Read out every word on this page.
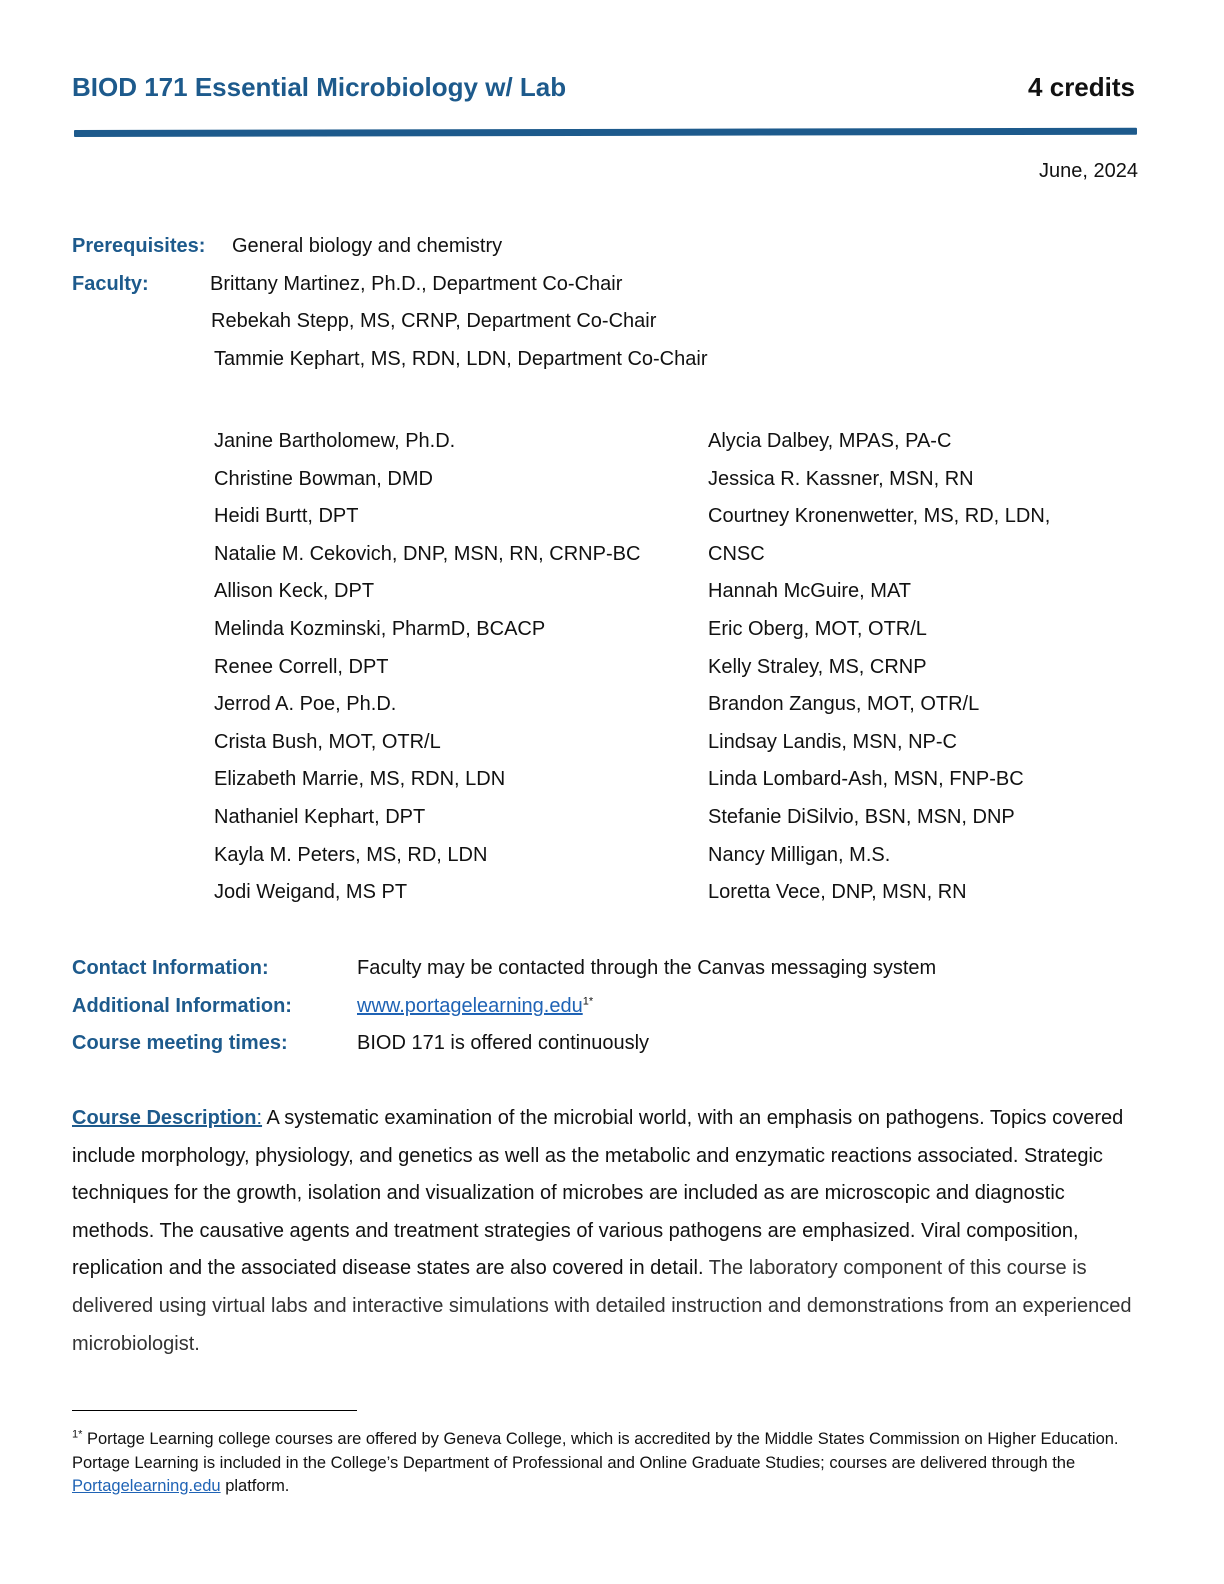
BIOD 171 Essential Microbiology w/ Lab	4 credits
June, 2024
Prerequisites: General biology and chemistry
Faculty:	Brittany Martinez, Ph.D., Department Co-Chair
Rebekah Stepp, MS, CRNP, Department Co-Chair
Tammie Kephart, MS, RDN, LDN, Department Co-Chair
Janine Bartholomew, Ph.D.
Christine Bowman, DMD
Heidi Burtt, DPT
Natalie M. Cekovich, DNP, MSN, RN, CRNP-BC
Allison Keck, DPT
Melinda Kozminski, PharmD, BCACP
Renee Correll, DPT
Jerrod A. Poe, Ph.D.
Crista Bush, MOT, OTR/L
Elizabeth Marrie, MS, RDN, LDN
Nathaniel Kephart, DPT
Kayla M. Peters, MS, RD, LDN
Jodi Weigand, MS PT
Alycia Dalbey, MPAS, PA-C
Jessica R. Kassner, MSN, RN
Courtney Kronenwetter, MS, RD, LDN,
CNSC
Hannah McGuire, MAT
Eric Oberg, MOT, OTR/L
Kelly Straley, MS, CRNP
Brandon Zangus, MOT, OTR/L
Lindsay Landis, MSN, NP-C
Linda Lombard-Ash, MSN, FNP-BC
Stefanie DiSilvio, BSN, MSN, DNP
Nancy Milligan, M.S.
Loretta Vece, DNP, MSN, RN
Contact Information:	Faculty may be contacted through the Canvas messaging system
Additional Information:	www.portagelearning.edu$^{1*}$
Course meeting times:	BIOD 171 is offered continuously
Course Description: A systematic examination of the microbial world, with an emphasis on pathogens. Topics covered include morphology, physiology, and genetics as well as the metabolic and enzymatic reactions associated. Strategic techniques for the growth, isolation and visualization of microbes are included as are microscopic and diagnostic methods. The causative agents and treatment strategies of various pathogens are emphasized. Viral composition, replication and the associated disease states are also covered in detail. The laboratory component of this course is delivered using virtual labs and interactive simulations with detailed instruction and demonstrations from an experienced microbiologist.
$^{1*}$ Portage Learning college courses are offered by Geneva College, which is accredited by the Middle States Commission on Higher Education. Portage Learning is included in the College’s Department of Professional and Online Graduate Studies; courses are delivered through the Portagelearning.edu platform.
